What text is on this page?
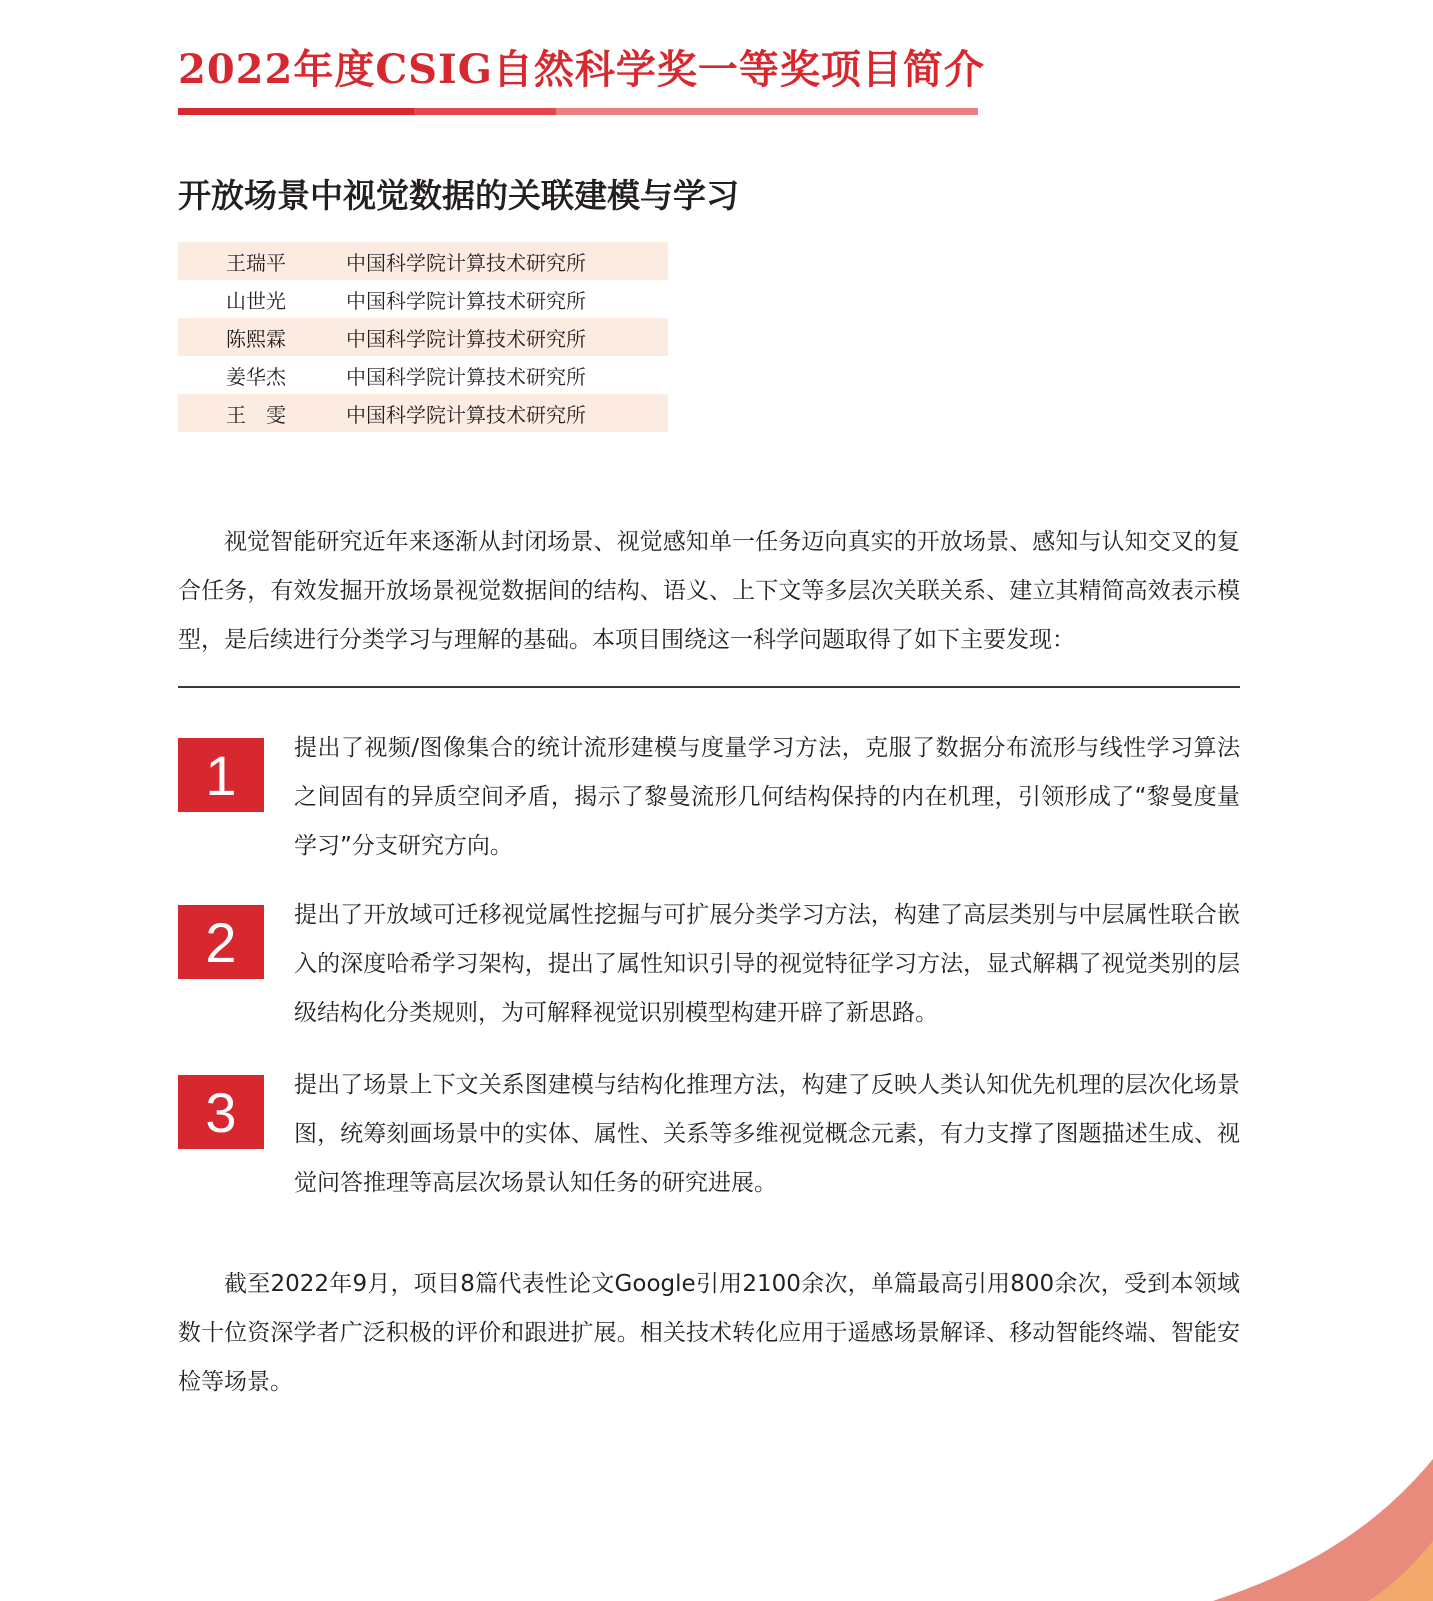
2022年度CSIG自然科学奖一等奖项目简介
开放场景中视觉数据的关联建模与学习
王瑞平	中国科学院计算技术研究所
山世光	中国科学院计算技术研究所
陈熙霖	中国科学院计算技术研究所
姜华杰	中国科学院计算技术研究所
王　雯	中国科学院计算技术研究所

视觉智能研究近年来逐渐从封闭场景、视觉感知单一任务迈向真实的开放场景、感知与认知交叉的复合任务，有效发掘开放场景视觉数据间的结构、语义、上下文等多层次关联关系、建立其精简高效表示模型，是后续进行分类学习与理解的基础。本项目围绕这一科学问题取得了如下主要发现：

1	提出了视频/图像集合的统计流形建模与度量学习方法，克服了数据分布流形与线性学习算法之间固有的异质空间矛盾，揭示了黎曼流形几何结构保持的内在机理，引领形成了“黎曼度量学习”分支研究方向。

2	提出了开放域可迁移视觉属性挖掘与可扩展分类学习方法，构建了高层类别与中层属性联合嵌入的深度哈希学习架构，提出了属性知识引导的视觉特征学习方法，显式解耦了视觉类别的层级结构化分类规则，为可解释视觉识别模型构建开辟了新思路。

3	提出了场景上下文关系图建模与结构化推理方法，构建了反映人类认知优先机理的层次化场景图，统筹刻画场景中的实体、属性、关系等多维视觉概念元素，有力支撑了图题描述生成、视觉问答推理等高层次场景认知任务的研究进展。

截至2022年9月，项目8篇代表性论文Google引用2100余次，单篇最高引用800余次，受到本领域数十位资深学者广泛积极的评价和跟进扩展。相关技术转化应用于遥感场景解译、移动智能终端、智能安检等场景。
